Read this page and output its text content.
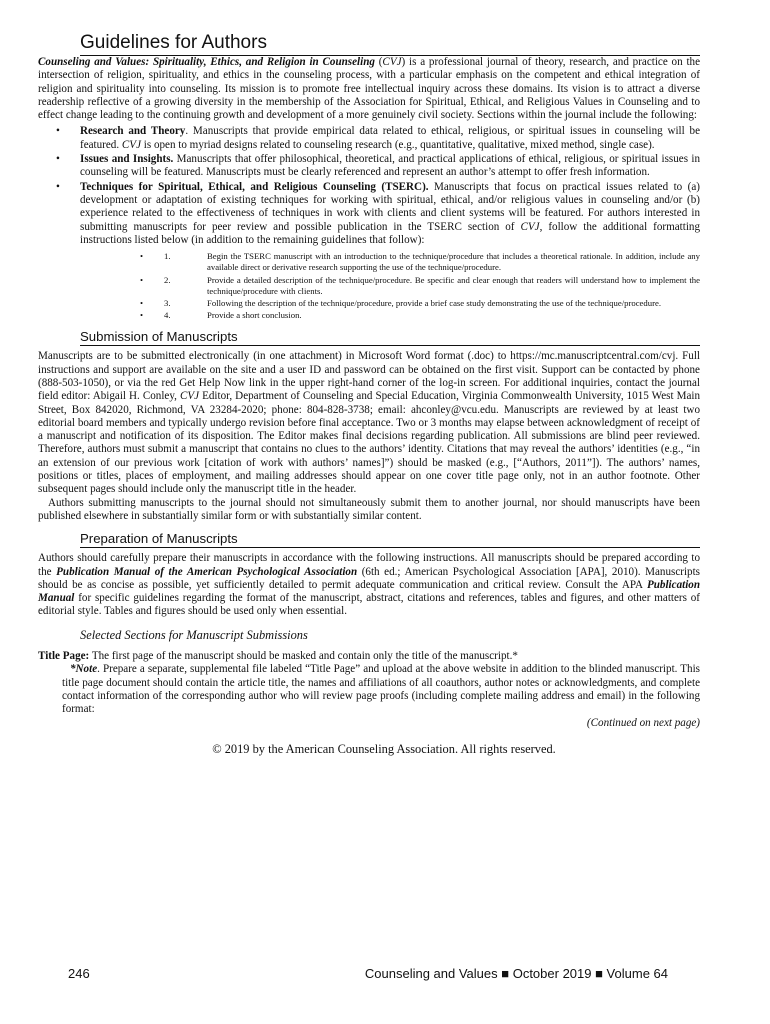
Guidelines for Authors

Counseling and Values: Spirituality, Ethics, and Religion in Counseling (CVJ) is a professional journal of theory, research, and practice on the intersection of religion, spirituality, and ethics in the counseling process, with a particular emphasis on the competent and ethical integration of religion and spirituality into counseling. Its mission is to promote free intellectual inquiry across these domains. Its vision is to attract a diverse readership reflective of a growing diversity in the membership of the Association for Spiritual, Ethical, and Religious Values in Counseling and to effect change leading to the continuing growth and development of a more genuinely civil society. Sections within the journal include the following:

• Research and Theory. Manuscripts that provide empirical data related to ethical, religious, or spiritual issues in counseling will be featured. CVJ is open to myriad designs related to counseling research (e.g., quantitative, qualitative, mixed method, single case).
• Issues and Insights. Manuscripts that offer philosophical, theoretical, and practical applications of ethical, religious, or spiritual issues in counseling will be featured. Manuscripts must be clearly referenced and represent an author’s attempt to offer fresh information.
• Techniques for Spiritual, Ethical, and Religious Counseling (TSERC). Manuscripts that focus on practical issues related to (a) development or adaptation of existing techniques for working with spiritual, ethical, and/or religious values in counseling and/or (b) experience related to the effectiveness of techniques in work with clients and client systems will be featured. For authors interested in submitting manuscripts for peer review and possible publication in the TSERC section of CVJ, follow the additional formatting instructions listed below (in addition to the remaining guidelines that follow):
• 1.	Begin the TSERC manuscript with an introduction to the technique/procedure that includes a theoretical rationale. In addition, include any available direct or derivative research supporting the use of the technique/procedure.
• 2.	Provide a detailed description of the technique/procedure. Be specific and clear enough that readers will understand how to implement the technique/procedure with clients.
• 3.	Following the description of the technique/procedure, provide a brief case study demonstrating the use of the technique/procedure.
• 4.	Provide a short conclusion.
Submission of Manuscripts

Manuscripts are to be submitted electronically (in one attachment) in Microsoft Word format (.doc) to https://mc.manuscriptcentral.com/cvj. Full instructions and support are available on the site and a user ID and password can be obtained on the first visit. Support can be contacted by phone (888-503-1050), or via the red Get Help Now link in the upper right-hand corner of the log-in screen. For additional inquiries, contact the journal field editor: Abigail H. Conley, CVJ Editor, Department of Counseling and Special Education, Virginia Commonwealth University, 1015 West Main Street, Box 842020, Richmond, VA 23284-2020; phone: 804-828-3738; email: ahconley@vcu.edu. Manuscripts are reviewed by at least two editorial board members and typically undergo revision before final acceptance. Two or 3 months may elapse between acknowledgment of receipt of a manuscript and notification of its disposition. The Editor makes final decisions regarding publication. All submissions are blind peer reviewed. Therefore, authors must submit a manuscript that contains no clues to the authors’ identity. Citations that may reveal the authors’ identities (e.g., “in an extension of our previous work [citation of work with authors’ names]”) should be masked (e.g., [“Authors, 2011”]). The authors’ names, positions or titles, places of employment, and mailing addresses should appear on one cover title page only, not in an author footnote. Other subsequent pages should include only the manuscript title in the header.

Authors submitting manuscripts to the journal should not simultaneously submit them to another journal, nor should manuscripts have been published elsewhere in substantially similar form or with substantially similar content.

Preparation of Manuscripts

Authors should carefully prepare their manuscripts in accordance with the following instructions. All manuscripts should be prepared according to the Publication Manual of the American Psychological Association (6th ed.; American Psychological Association [APA], 2010). Manuscripts should be as concise as possible, yet sufficiently detailed to permit adequate communication and critical review. Consult the APA Publication Manual for specific guidelines regarding the format of the manuscript, abstract, citations and references, tables and figures, and other matters of editorial style. Tables and figures should be used only when essential.

Selected Sections for Manuscript Submissions

Title Page: The first page of the manuscript should be masked and contain only the title of the manuscript.*

*Note. Prepare a separate, supplemental file labeled “Title Page” and upload at the above website in addition to the blinded manuscript. This title page document should contain the article title, the names and affiliations of all coauthors, author notes or acknowledgments, and complete contact information of the corresponding author who will review page proofs (including complete mailing address and email) in the following format:

(Continued on next page)

© 2019 by the American Counseling Association. All rights reserved.

246	Counseling and Values ■ October 2019 ■ Volume 64
